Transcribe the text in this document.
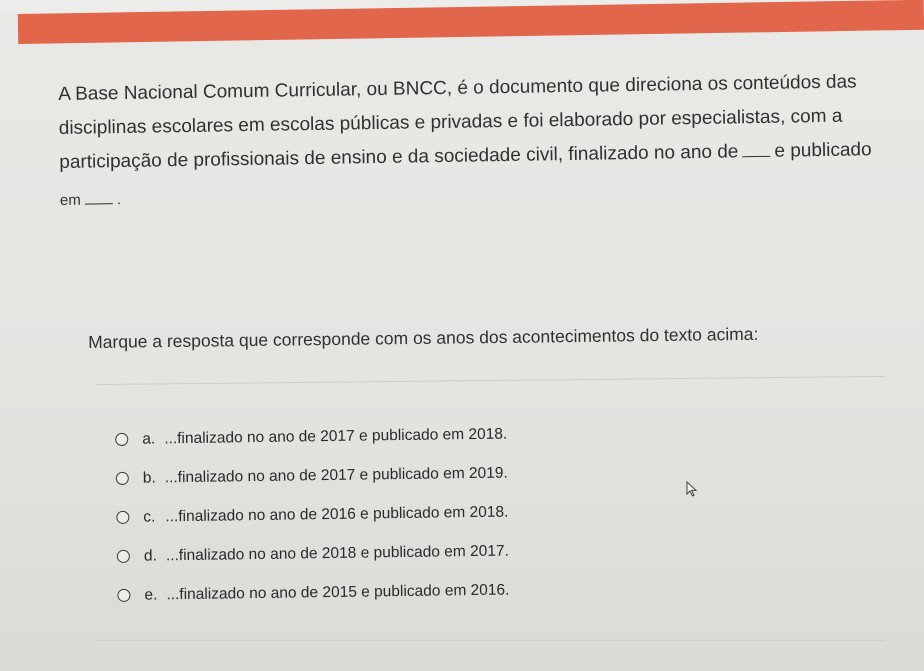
A Base Nacional Comum Curricular, ou BNCC, é o documento que direciona os conteúdos das
disciplinas escolares em escolas públicas e privadas e foi elaborado por especialistas, com a
participação de profissionais de ensino e da sociedade civil, finalizado no ano de e publicado
em .
Marque a resposta que corresponde com os anos dos acontecimentos do texto acima:
a. ...finalizado no ano de 2017 e publicado em 2018.
b. ...finalizado no ano de 2017 e publicado em 2019.
c. ...finalizado no ano de 2016 e publicado em 2018.
d. ...finalizado no ano de 2018 e publicado em 2017.
e. ...finalizado no ano de 2015 e publicado em 2016.
